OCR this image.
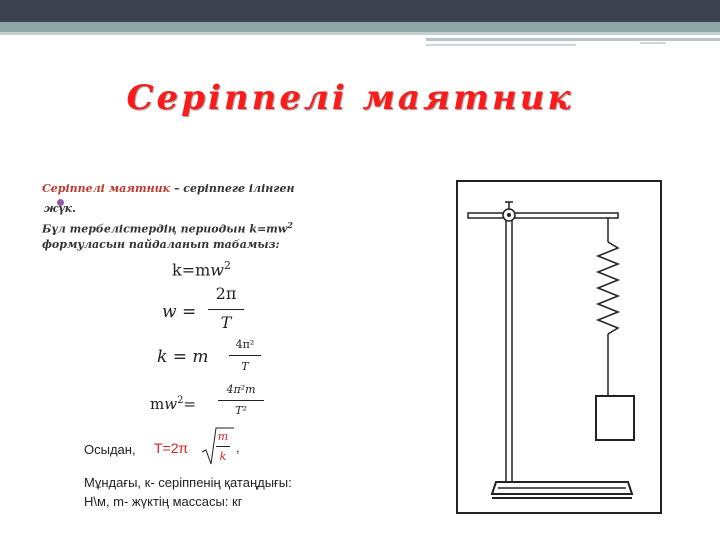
Серіппелі маятник
Серіппелі маятник – серіппеге ілінген
жүк.
Бұл тербелістердің периодын $k=mw^2$
формуласын пайдаланып табамыз:
$k=mw^2$
w =
2π
T
k = m
4π²
T
$mw^2=$
4π²m
T²
Осыдан, T=2π
m
k
,
Мұндағы, к- серіппенің қатаңдығы:
Н\м, m- жүктің массасы: кг
